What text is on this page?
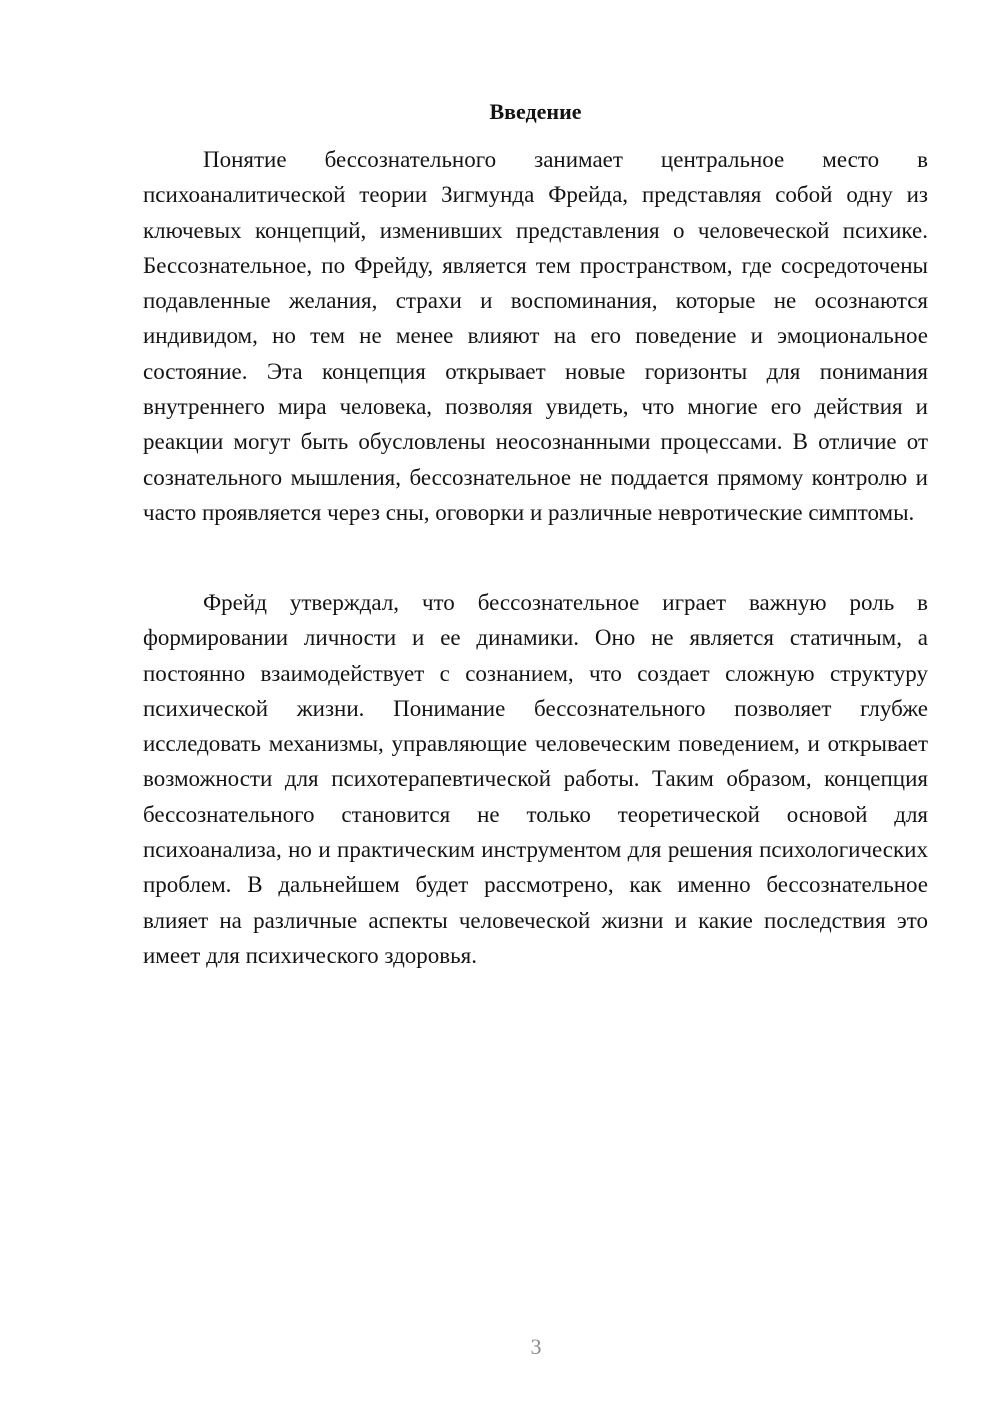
Введение

Понятие бессознательного занимает центральное место в психоаналитической теории Зигмунда Фрейда, представляя собой одну из ключевых концепций, изменивших представления о человеческой психике. Бессознательное, по Фрейду, является тем пространством, где сосредоточены подавленные желания, страхи и воспоминания, которые не осознаются индивидом, но тем не менее влияют на его поведение и эмоциональное состояние. Эта концепция открывает новые горизонты для понимания внутреннего мира человека, позволяя увидеть, что многие его действия и реакции могут быть обусловлены неосознанными процессами. В отличие от сознательного мышления, бессознательное не поддается прямому контролю и часто проявляется через сны, оговорки и различные невротические симптомы.

Фрейд утверждал, что бессознательное играет важную роль в формировании личности и ее динамики. Оно не является статичным, а постоянно взаимодействует с сознанием, что создает сложную структуру психической жизни. Понимание бессознательного позволяет глубже исследовать механизмы, управляющие человеческим поведением, и открывает возможности для психотерапевтической работы. Таким образом, концепция бессознательного становится не только теоретической основой для психоанализа, но и практическим инструментом для решения психологических проблем. В дальнейшем будет рассмотрено, как именно бессознательное влияет на различные аспекты человеческой жизни и какие последствия это имеет для психического здоровья.

3
